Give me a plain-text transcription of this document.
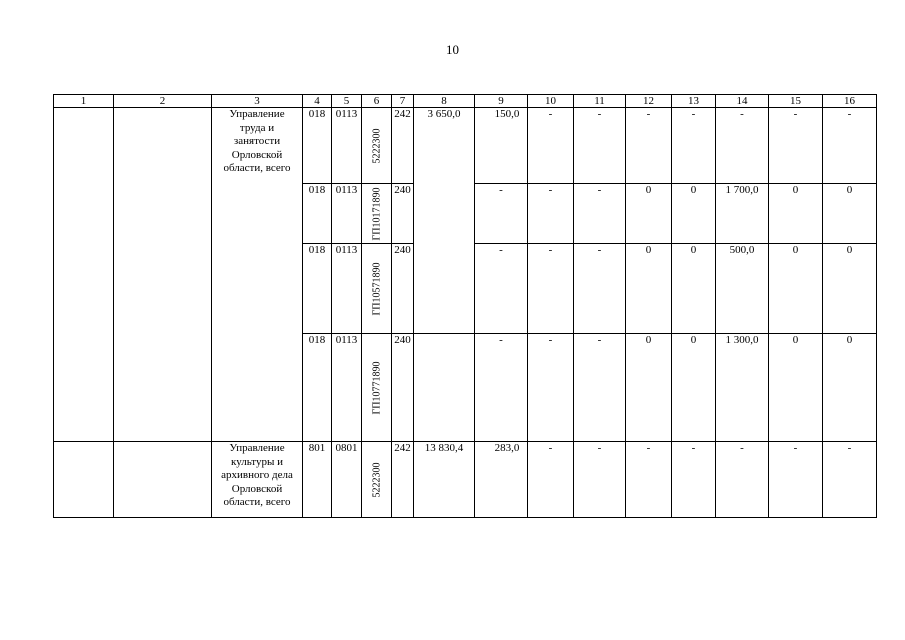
10
1	2	3	4	5	6	7	8	9	10	11	12	13	14	15	16
		Управление
труда и
занятости
Орловской
области, всего	018	0113	5222300	242	3 650,0	150,0	-	-	-	-	-	-	-
			018	0113	ГП10171890	240		-	-	-	0	0	1 700,0	0	0
			018	0113	ГП10571890	240		-	-	-	0	0	500,0	0	0
			018	0113	ГП10771890	240		-	-	-	0	0	1 300,0	0	0
		Управление
культуры и
архивного дела
Орловской
области, всего	801	0801	5222300	242	13 830,4	283,0	-	-	-	-	-	-	-
